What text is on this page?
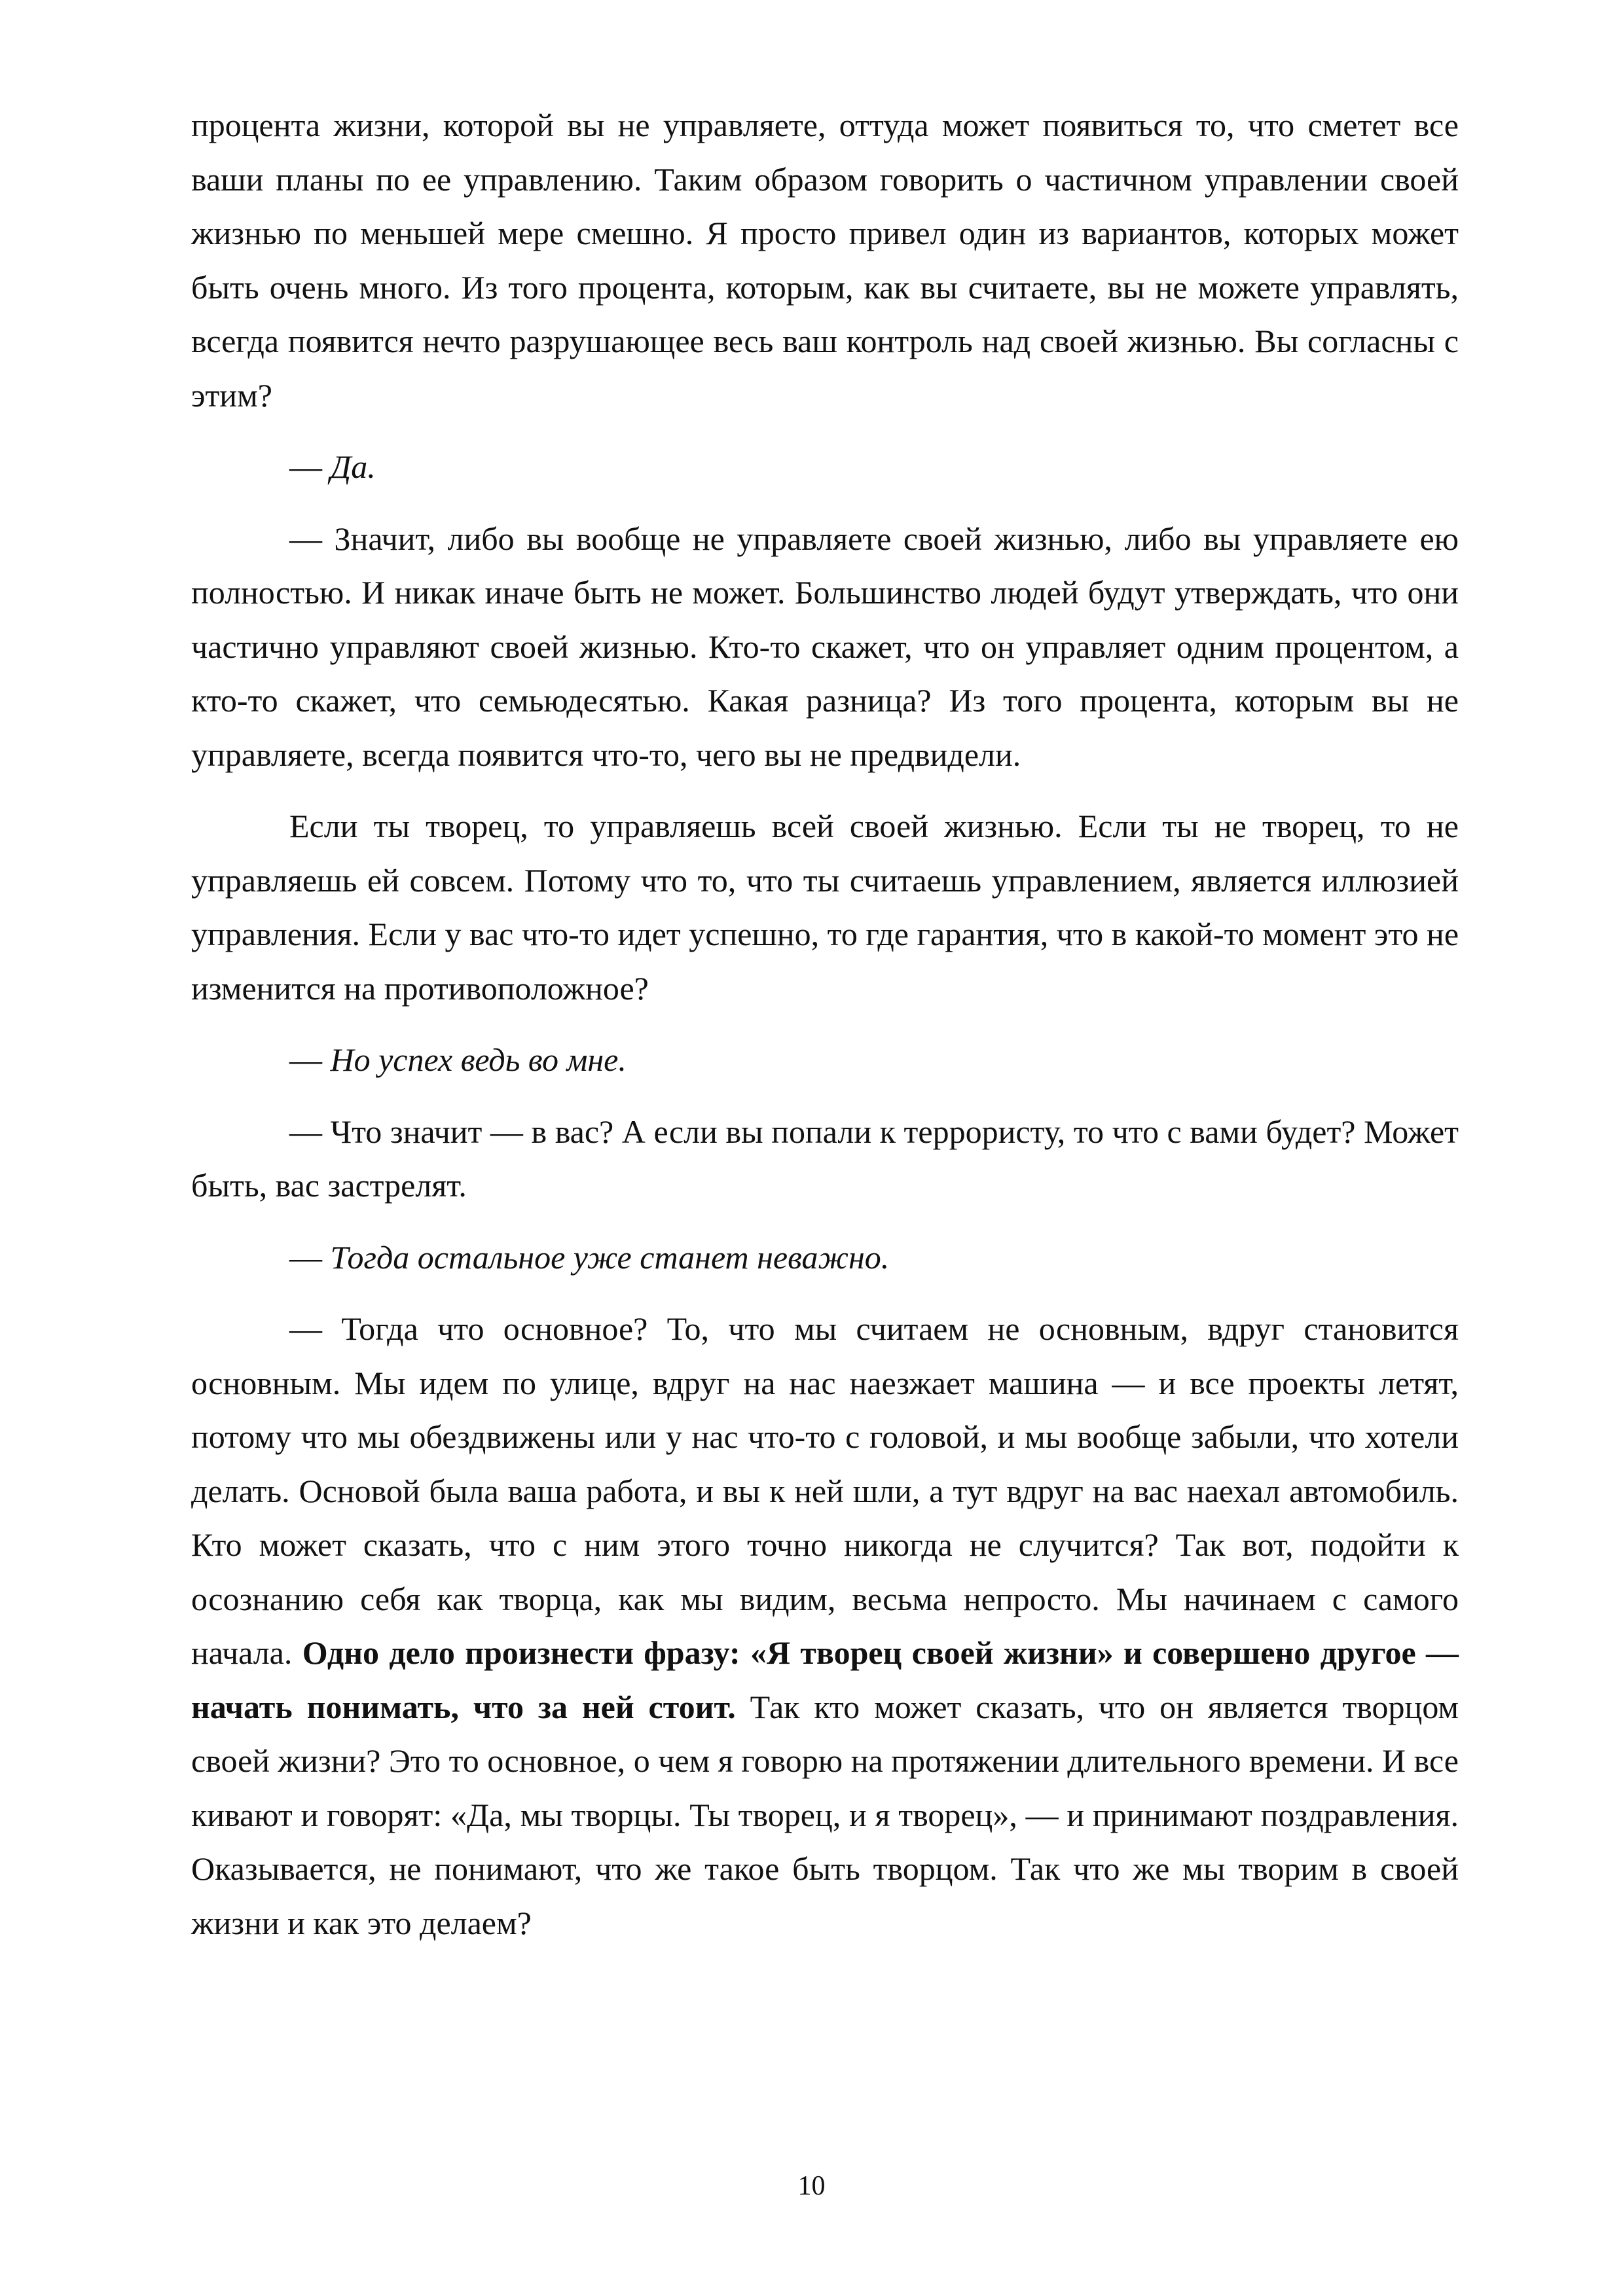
процента жизни, которой вы не управляете, оттуда может появиться то, что сметет все ваши планы по ее управлению. Таким образом говорить о частичном управлении своей жизнью по меньшей мере смешно. Я просто привел один из вариантов, которых может быть очень много. Из того процента, которым, как вы считаете, вы не можете управлять, всегда появится нечто разрушающее весь ваш контроль над своей жизнью. Вы согласны с этим?

— Да.

— Значит, либо вы вообще не управляете своей жизнью, либо вы управляете ею полностью. И никак иначе быть не может. Большинство людей будут утверждать, что они частично управляют своей жизнью. Кто-то скажет, что он управляет одним процентом, а кто-то скажет, что семьюдесятью. Какая разница? Из того процента, которым вы не управляете, всегда появится что-то, чего вы не предвидели.

Если ты творец, то управляешь всей своей жизнью. Если ты не творец, то не управляешь ей совсем. Потому что то, что ты считаешь управлением, является иллюзией управления. Если у вас что-то идет успешно, то где гарантия, что в какой-то момент это не изменится на противоположное?

— Но успех ведь во мне.

— Что значит — в вас? А если вы попали к террористу, то что с вами будет? Может быть, вас застрелят.

— Тогда остальное уже станет неважно.

— Тогда что основное? То, что мы считаем не основным, вдруг становится основным. Мы идем по улице, вдруг на нас наезжает машина — и все проекты летят, потому что мы обездвижены или у нас что-то с головой, и мы вообще забыли, что хотели делать. Основой была ваша работа, и вы к ней шли, а тут вдруг на вас наехал автомобиль. Кто может сказать, что с ним этого точно никогда не случится? Так вот, подойти к осознанию себя как творца, как мы видим, весьма непросто. Мы начинаем с самого начала. Одно дело произнести фразу: «Я творец своей жизни» и совершено другое — начать понимать, что за ней стоит. Так кто может сказать, что он является творцом своей жизни? Это то основное, о чем я говорю на протяжении длительного времени. И все кивают и говорят: «Да, мы творцы. Ты творец, и я творец», — и принимают поздравления. Оказывается, не понимают, что же такое быть творцом. Так что же мы творим в своей жизни и как это делаем?

10
